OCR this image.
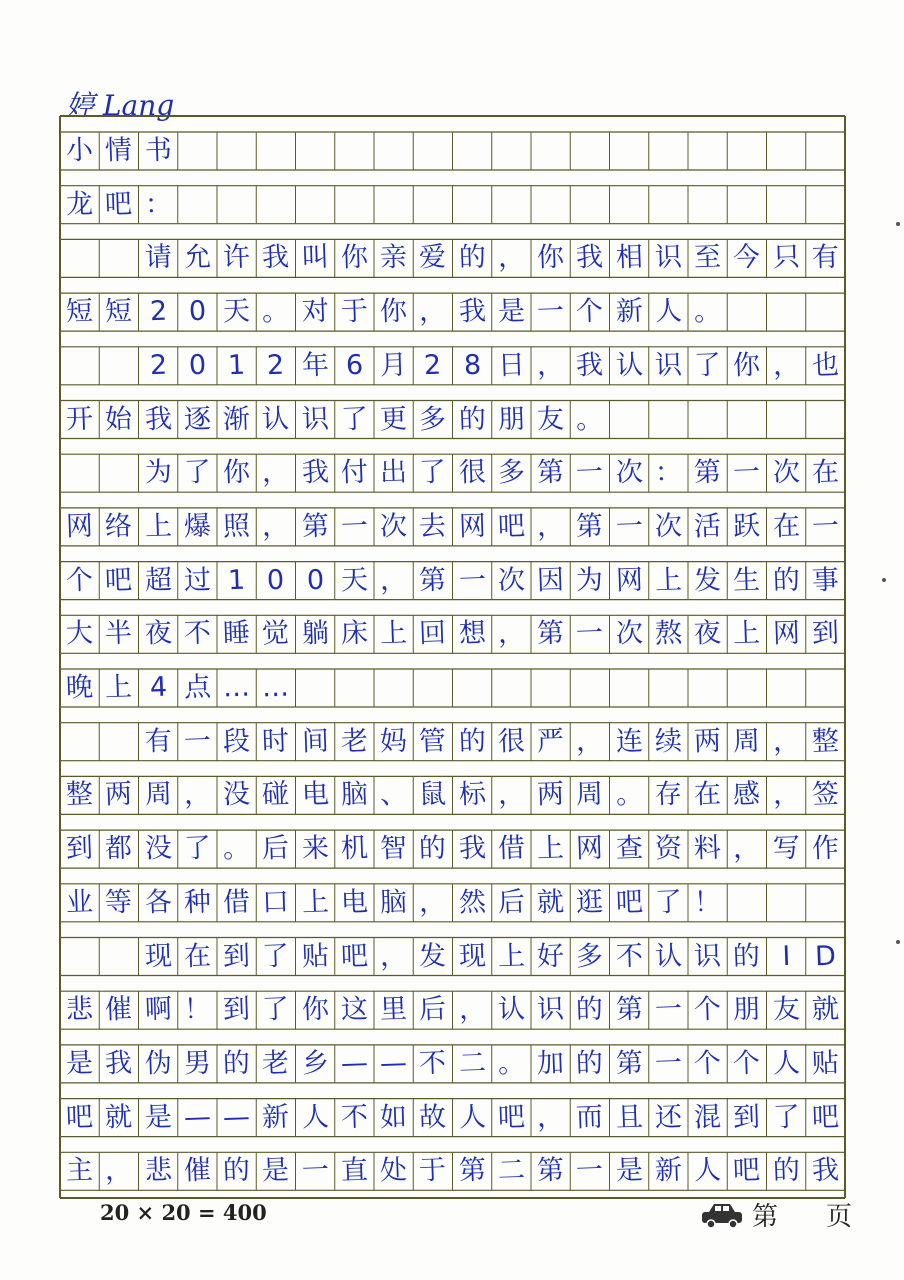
婷 Lang
小 情 书
龙 吧 ：
请 允 许 我 叫 你 亲 爱 的 ， 你 我 相 识 至 今 只 有
短 短 2 0 天 。 对 于 你 ， 我 是 一 个 新 人 。
2 0 1 2 年 6 月 2 8 日 ， 我 认 识 了 你 ， 也
开 始 我 逐 渐 认 识 了 更 多 的 朋 友 。
为 了 你 ， 我 付 出 了 很 多 第 一 次 ： 第 一 次 在
网 络 上 爆 照 ， 第 一 次 去 网 吧 ， 第 一 次 活 跃 在 一
个 吧 超 过 1 0 0 天 ， 第 一 次 因 为 网 上 发 生 的 事
大 半 夜 不 睡 觉 躺 床 上 回 想 ， 第 一 次 熬 夜 上 网 到
晚 上 4 点 … …
有 一 段 时 间 老 妈 管 的 很 严 ， 连 续 两 周 ， 整
整 两 周 ， 没 碰 电 脑 、 鼠 标 ， 两 周 。 存 在 感 ， 签
到 都 没 了 。 后 来 机 智 的 我 借 上 网 查 资 料 ， 写 作
业 等 各 种 借 口 上 电 脑 ， 然 后 就 逛 吧 了 ！
现 在 到 了 贴 吧 ， 发 现 上 好 多 不 认 识 的 I D
悲 催 啊 ！ 到 了 你 这 里 后 ， 认 识 的 第 一 个 朋 友 就
是 我 伪 男 的 老 乡 — — 不 二 。 加 的 第 一 个 个 人 贴
吧 就 是 — — 新 人 不 如 故 人 吧 ， 而 且 还 混 到 了 吧
主 ， 悲 催 的 是 一 直 处 于 第 二 第 一 是 新 人 吧 的 我
20 × 20 = 400	第 页
